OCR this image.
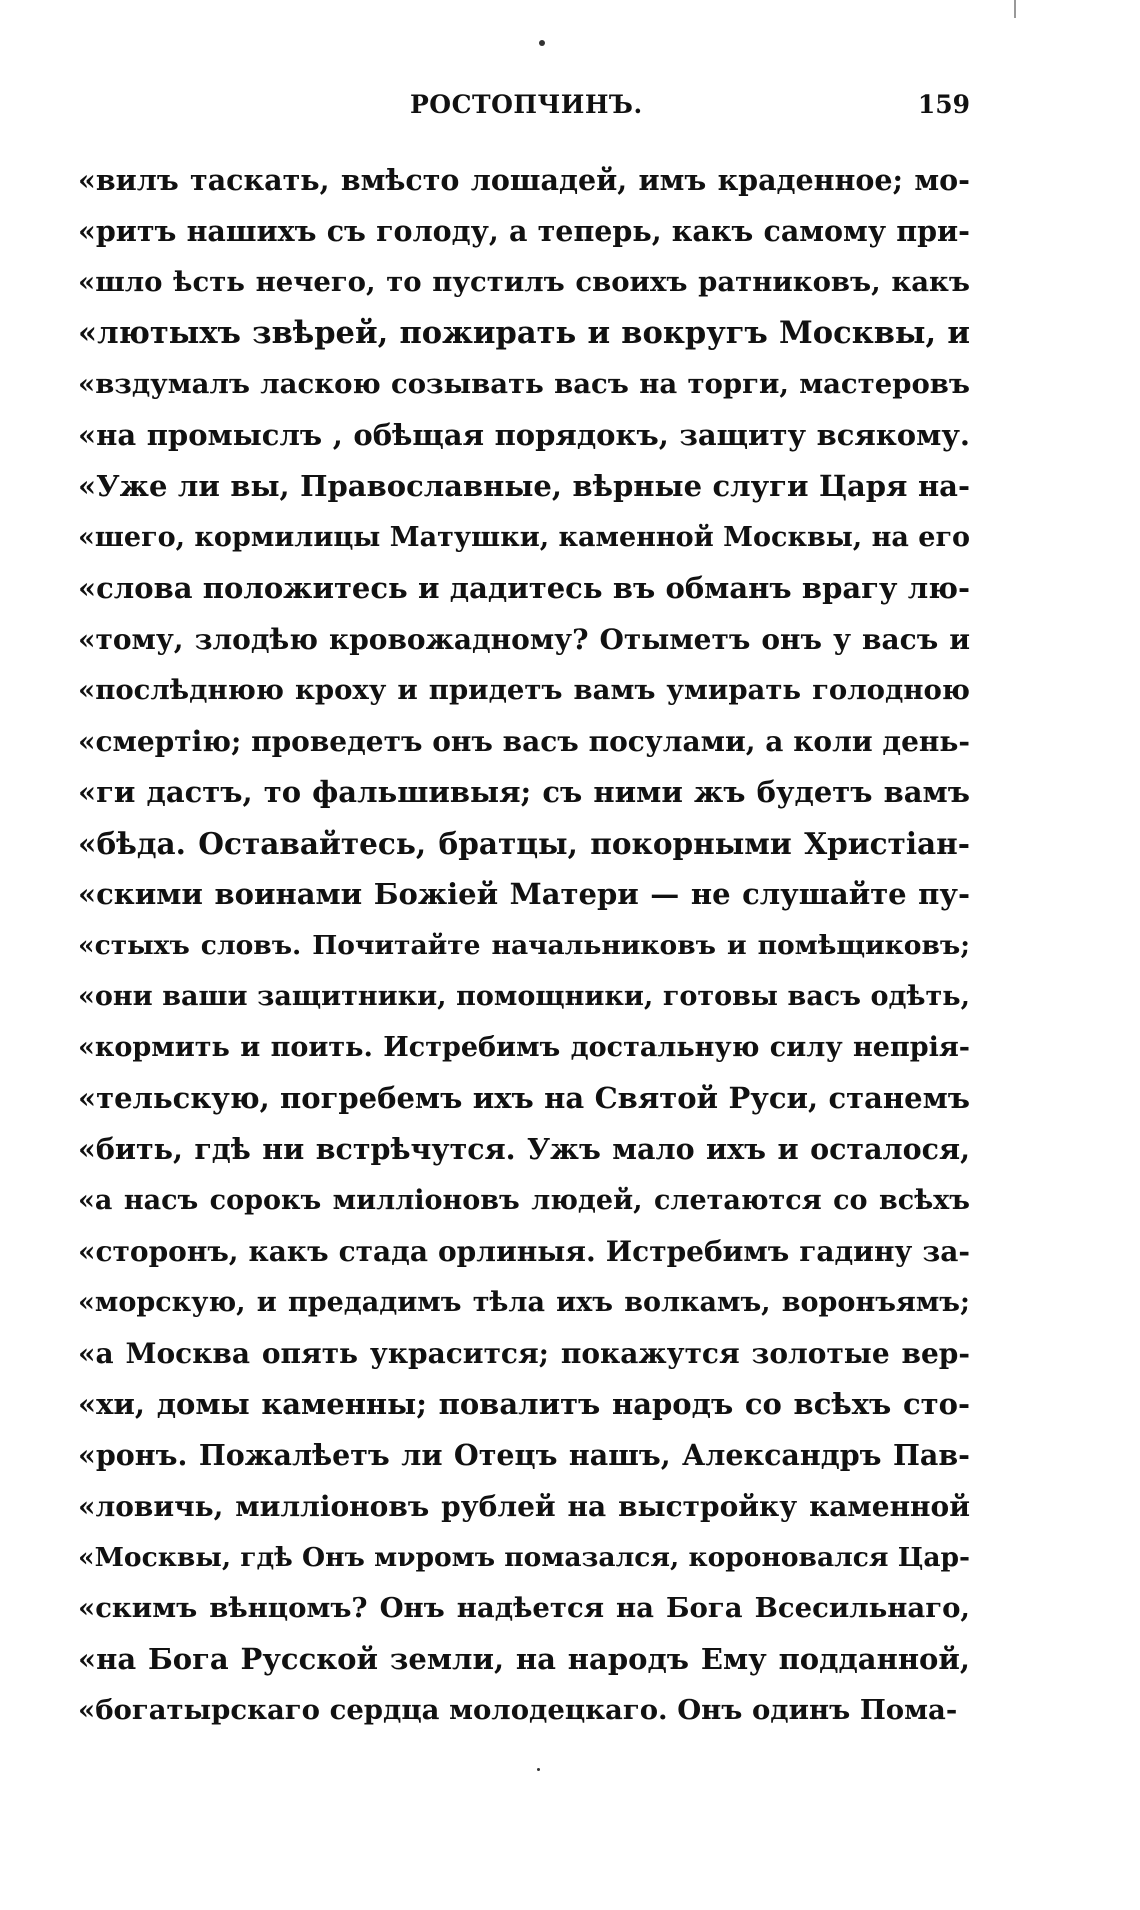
РОСТОПЧИНЪ.	159
«вилъ таскать, вмѣсто лошадей, имъ краденное; мо-
«ритъ нашихъ съ голоду, а теперь, какъ самому при-
«шло ѣсть нечего, то пустилъ своихъ ратниковъ, какъ
«лютыхъ звѣрей, пожирать и вокругъ Москвы, и
«вздумалъ лаcкою созывать васъ на торги, мастеровъ
«на промыслъ , обѣщая порядокъ, защиту всякому.
«Ужe ли вы, Православные, вѣрные слуги Царя на-
«шего, кормилицы Матушки, каменной Москвы, на его
«слова положитесь и дадитесь въ обманъ врагу лю-
«тому, злодѣю кровожадному? Отыметъ онъ у васъ и
«послѣднюю кроху и придетъ вамъ умирать голодною
«смертію; проведетъ онъ васъ посулами, а коли день-
«ги дастъ, то фальшивыя; съ ними жъ будетъ вамъ
«бѣда. Оставайтесь, братцы, покорными Христіан-
«скими воинами Божіей Матери — не слушайте пу-
«стыхъ словъ. Почитайте начальниковъ и помѣщиковъ;
«они ваши защитники, помощники, готовы васъ одѣть,
«кормить и поить. Истребимъ достальную силу непрія-
«тельскую, погребемъ ихъ на Святой Руси, станемъ
«бить, гдѣ ни встрѣчутся. Ужъ мало ихъ и осталося,
«а насъ сорокъ милліоновъ людей, слетаются со всѣхъ
«сторонъ, какъ стада орлиныя. Истребимъ гадину за-
«морскую, и предадимъ тѣла ихъ волкамъ, воронъямъ;
«а Москва опять украсится; покажутся золотые вер-
«хи, домы каменны; повалитъ народъ со всѣхъ сто-
«ронъ. Пожалѣетъ ли Отецъ нашъ, Александръ Пав-
«ловичь, милліоновъ рублей на выстройку каменной
«Москвы, гдѣ Онъ мνромъ помазался, короновался Цар-
«скимъ вѣнцомъ? Онъ надѣется на Бога Всесильнаго,
«на Бога Русской земли, на народъ Ему подданной,
«богатырскаго сердца молодецкаго. Онъ одинъ Пома-
